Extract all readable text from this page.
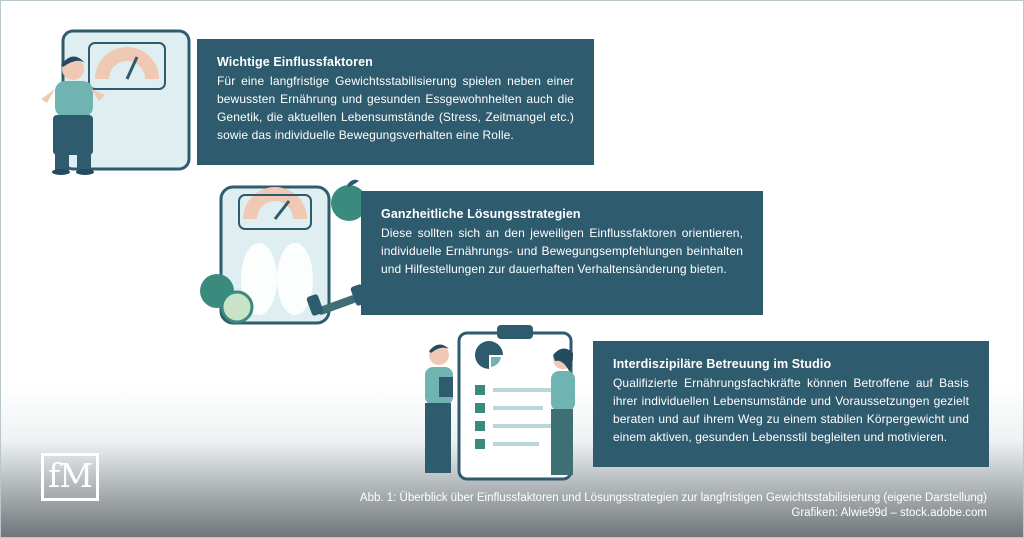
Wichtige Einflussfaktoren

Für eine langfristige Gewichtsstabilisierung spielen neben einer bewussten Ernährung und gesunden Essgewohnheiten auch die Genetik, die aktuellen Lebensumstände (Stress, Zeitmangel etc.) sowie das individuelle Bewegungsverhalten eine Rolle.

Ganzheitliche Lösungsstrategien

Diese sollten sich an den jeweiligen Einflussfaktoren orientieren, individuelle Ernährungs- und Bewegungsempfehlungen beinhalten und Hilfestellungen zur dauerhaften Verhaltensänderung bieten.

Interdiszipiläre Betreuung im Studio

Qualifizierte Ernährungsfachkräfte können Betroffene auf Basis ihrer individuellen Lebensumstände und Voraussetzungen gezielt beraten und auf ihrem Weg zu einem stabilen Körpergewicht und einem aktiven, gesunden Lebensstil begleiten und motivieren.

fM
Abb. 1: Überblick über Einflussfaktoren und Lösungsstrategien zur langfristigen Gewichtsstabilisierung (eigene Darstellung)
Grafiken: Alwie99d – stock.adobe.com
